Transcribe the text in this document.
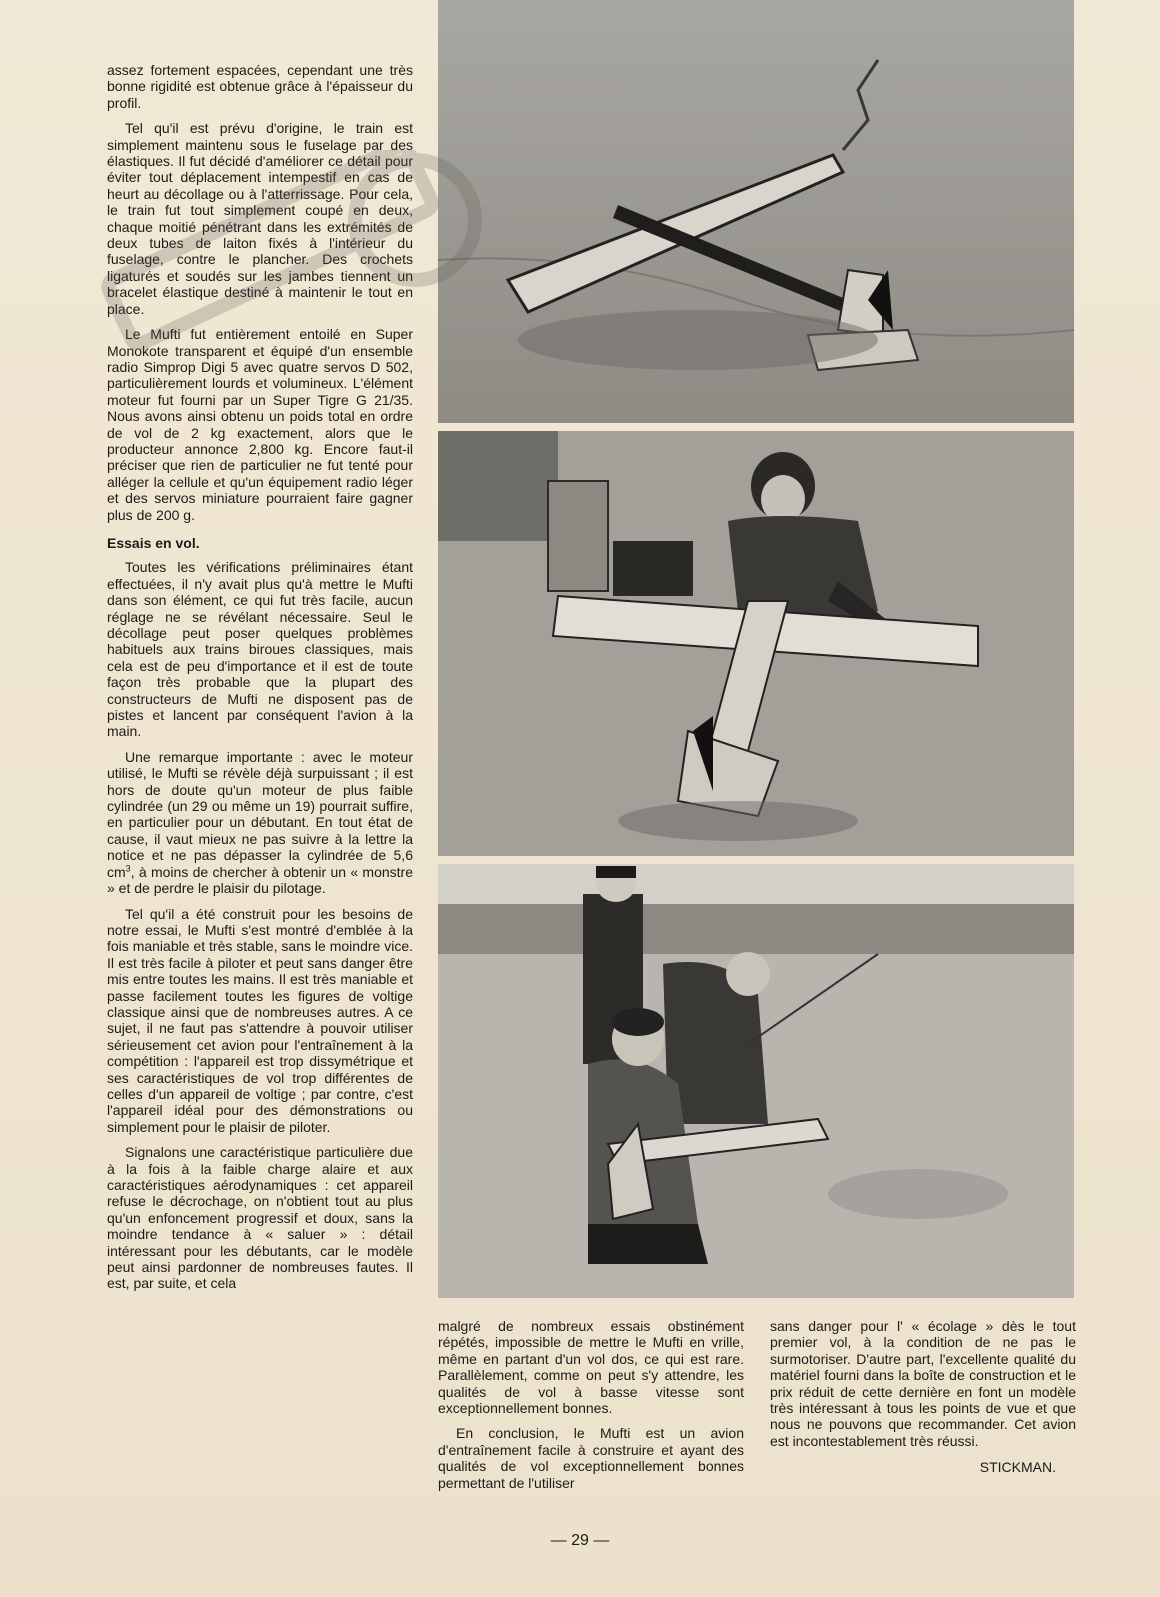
assez fortement espacées, cependant une très bonne rigidité est obtenue grâce à l'épaisseur du profil.

Tel qu'il est prévu d'origine, le train est simplement maintenu sous le fuselage par des élastiques. Il fut décidé d'améliorer ce détail pour éviter tout déplacement intempestif en cas de heurt au décollage ou à l'atterrissage. Pour cela, le train fut tout simplement coupé en deux, chaque moitié pénétrant dans les extrémités de deux tubes de laiton fixés à l'intérieur du fuselage, contre le plancher. Des crochets ligaturés et soudés sur les jambes tiennent un bracelet élastique destiné à maintenir le tout en place.

Le Mufti fut entièrement entoilé en Super Monokote transparent et équipé d'un ensemble radio Simprop Digi 5 avec quatre servos D 502, particulièrement lourds et volumineux. L'élément moteur fut fourni par un Super Tigre G 21/35. Nous avons ainsi obtenu un poids total en ordre de vol de 2 kg exactement, alors que le producteur annonce 2,800 kg. Encore faut-il préciser que rien de particulier ne fut tenté pour alléger la cellule et qu'un équipement radio léger et des servos miniature pourraient faire gagner plus de 200 g.

Essais en vol.

Toutes les vérifications préliminaires étant effectuées, il n'y avait plus qu'à mettre le Mufti dans son élément, ce qui fut très facile, aucun réglage ne se révélant nécessaire. Seul le décollage peut poser quelques problèmes habituels aux trains biroues classiques, mais cela est de peu d'importance et il est de toute façon très probable que la plupart des constructeurs de Mufti ne disposent pas de pistes et lancent par conséquent l'avion à la main.

Une remarque importante : avec le moteur utilisé, le Mufti se révèle déjà surpuissant ; il est hors de doute qu'un moteur de plus faible cylindrée (un 29 ou même un 19) pourrait suffire, en particulier pour un débutant. En tout état de cause, il vaut mieux ne pas suivre à la lettre la notice et ne pas dépasser la cylindrée de 5,6 $cm^3$, à moins de chercher à obtenir un « monstre » et de perdre le plaisir du pilotage.

Tel qu'il a été construit pour les besoins de notre essai, le Mufti s'est montré d'emblée à la fois maniable et très stable, sans le moindre vice. Il est très facile à piloter et peut sans danger être mis entre toutes les mains. Il est très maniable et passe facilement toutes les figures de voltige classique ainsi que de nombreuses autres. A ce sujet, il ne faut pas s'attendre à pouvoir utiliser sérieusement cet avion pour l'entraînement à la compétition : l'appareil est trop dissymétrique et ses caractéristiques de vol trop différentes de celles d'un appareil de voltige ; par contre, c'est l'appareil idéal pour des démonstrations ou simplement pour le plaisir de piloter.

Signalons une caractéristique particulière due à la fois à la faible charge alaire et aux caractéristiques aérodynamiques : cet appareil refuse le décrochage, on n'obtient tout au plus qu'un enfoncement progressif et doux, sans la moindre tendance à « saluer » : détail intéressant pour les débutants, car le modèle peut ainsi pardonner de nombreuses fautes. Il est, par suite, et cela

malgré de nombreux essais obstinément répétés, impossible de mettre le Mufti en vrille, même en partant d'un vol dos, ce qui est rare. Parallèlement, comme on peut s'y attendre, les qualités de vol à basse vitesse sont exceptionnellement bonnes.

En conclusion, le Mufti est un avion d'entraînement facile à construire et ayant des qualités de vol exceptionnellement bonnes permettant de l'utiliser

sans danger pour l' « écolage » dès le tout premier vol, à la condition de ne pas le surmotoriser. D'autre part, l'excellente qualité du matériel fourni dans la boîte de construction et le prix réduit de cette dernière en font un modèle très intéressant à tous les points de vue et que nous ne pouvons que recommander. Cet avion est incontestablement très réussi.

STICKMAN.
— 29 —
